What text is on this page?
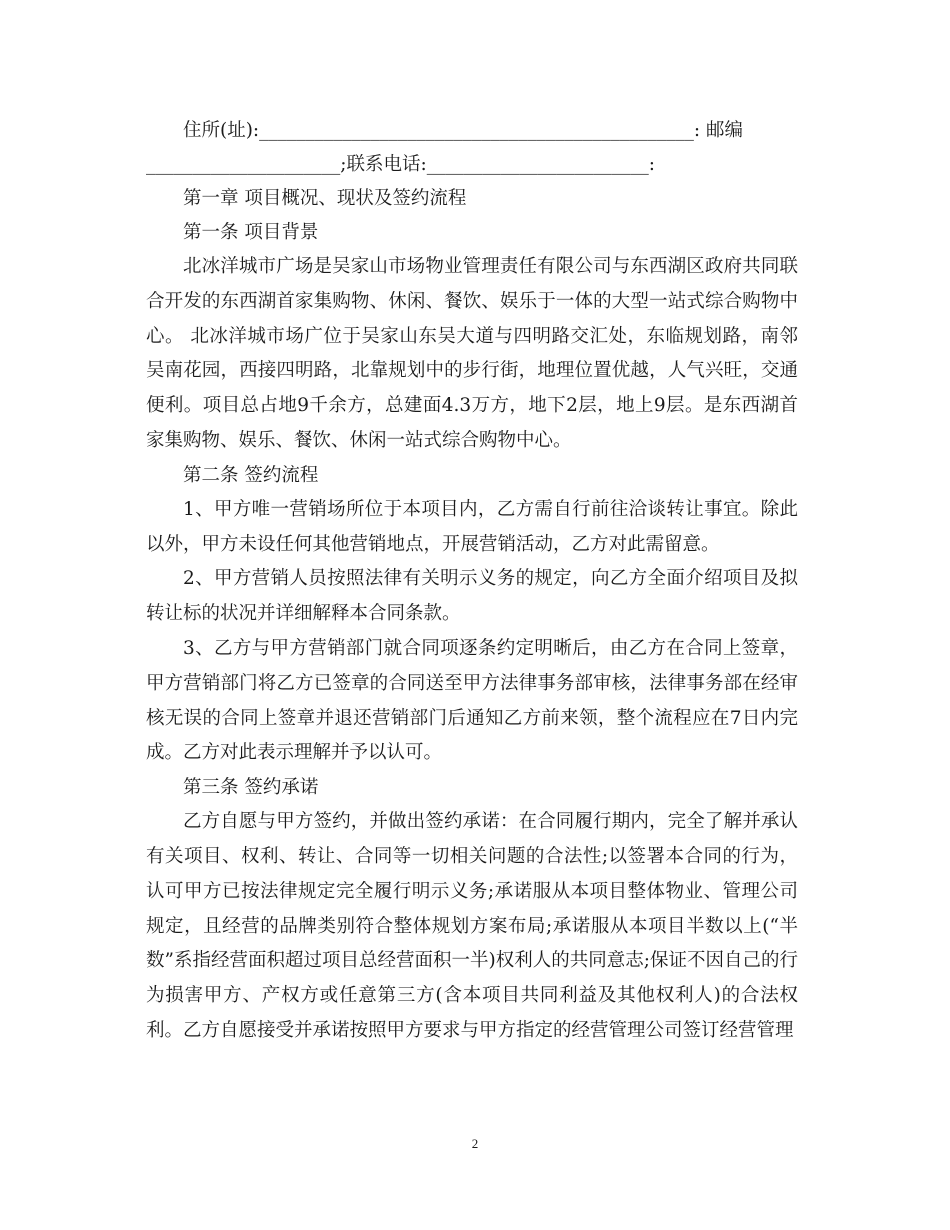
住所(址):_______________________________________________: 邮编
_____________________;联系电话:________________________:

第一章 项目概况、现状及签约流程

第一条 项目背景

北冰洋城市广场是吴家山市场物业管理责任有限公司与东西湖区政府共同联合开发的东西湖首家集购物、休闲、餐饮、娱乐于一体的大型一站式综合购物中心。 北冰洋城市场广位于吴家山东吴大道与四明路交汇处，东临规划路，南邻吴南花园，西接四明路，北靠规划中的步行街，地理位置优越，人气兴旺，交通便利。项目总占地9千余方，总建面4.3万方，地下2层，地上9层。是东西湖首家集购物、娱乐、餐饮、休闲一站式综合购物中心。

第二条 签约流程

1、甲方唯一营销场所位于本项目内，乙方需自行前往洽谈转让事宜。除此以外，甲方未设任何其他营销地点，开展营销活动，乙方对此需留意。

2、甲方营销人员按照法律有关明示义务的规定，向乙方全面介绍项目及拟转让标的状况并详细解释本合同条款。

3、乙方与甲方营销部门就合同项逐条约定明晰后，由乙方在合同上签章，甲方营销部门将乙方已签章的合同送至甲方法律事务部审核，法律事务部在经审核无误的合同上签章并退还营销部门后通知乙方前来领，整个流程应在7日内完成。乙方对此表示理解并予以认可。

第三条 签约承诺

乙方自愿与甲方签约，并做出签约承诺：在合同履行期内，完全了解并承认有关项目、权利、转让、合同等一切相关问题的合法性;以签署本合同的行为，认可甲方已按法律规定完全履行明示义务;承诺服从本项目整体物业、管理公司规定，且经营的品牌类别符合整体规划方案布局;承诺服从本项目半数以上(“半数”系指经营面积超过项目总经营面积一半)权利人的共同意志;保证不因自己的行为损害甲方、产权方或任意第三方(含本项目共同利益及其他权利人)的合法权利。乙方自愿接受并承诺按照甲方要求与甲方指定的经营管理公司签订经营管理

2
